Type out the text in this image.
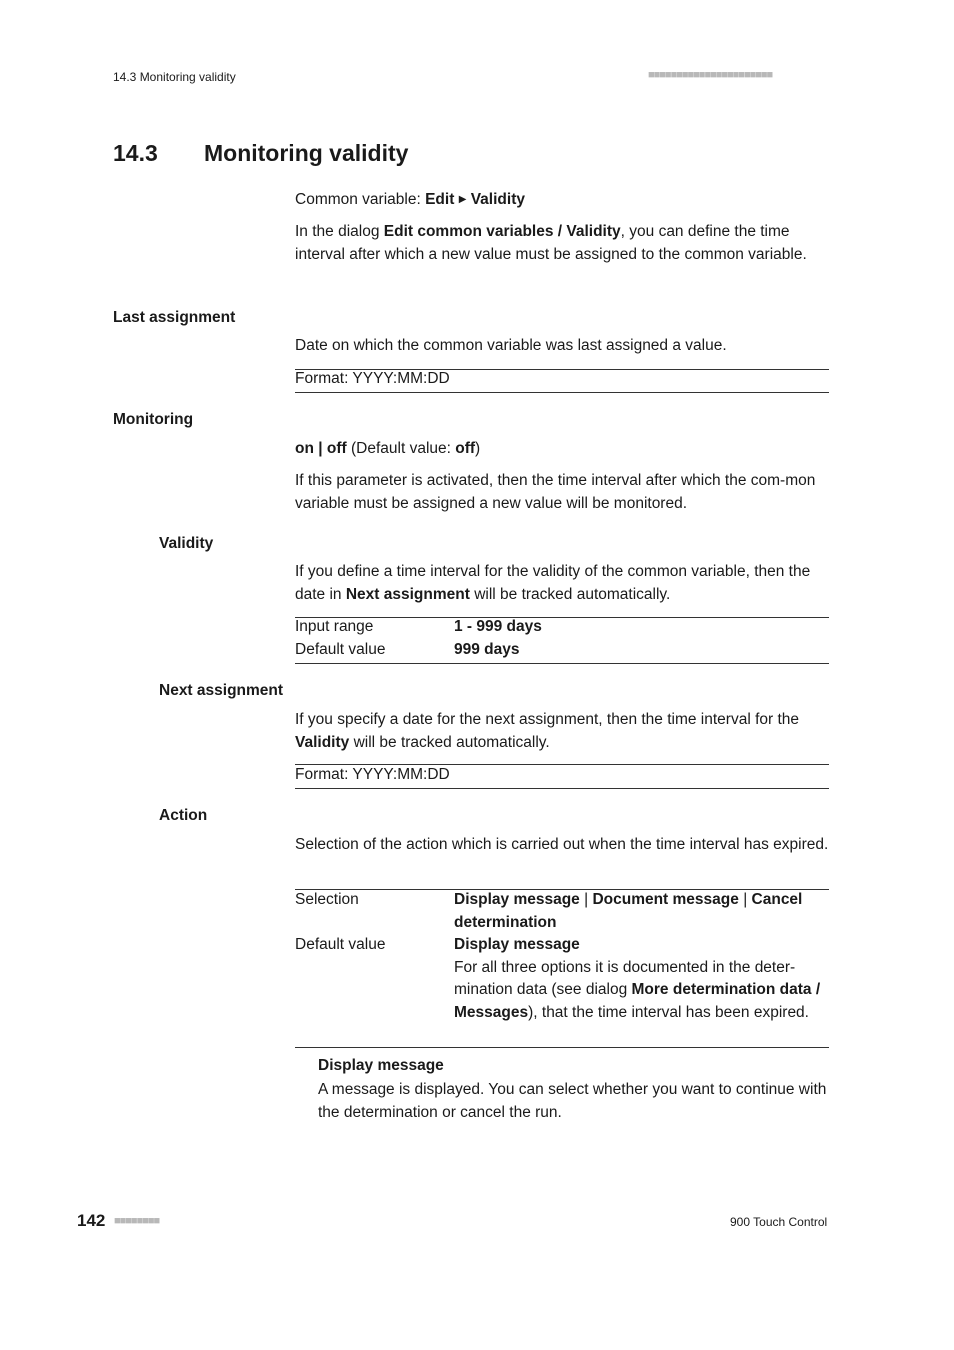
14.3 Monitoring validity	■■■■■■■■■■■■■■■■■■■■■■
14.3 Monitoring validity
Common variable: Edit ▶ Validity
In the dialog Edit common variables / Validity, you can define the time interval after which a new value must be assigned to the common variable.
Last assignment
Date on which the common variable was last assigned a value.
Format: YYYY:MM:DD
Monitoring
on | off (Default value: off)
If this parameter is activated, then the time interval after which the com-mon variable must be assigned a new value will be monitored.
Validity
If you define a time interval for the validity of the common variable, then the date in Next assignment will be tracked automatically.
Input range	1 - 999 days
Default value	999 days
Next assignment
If you specify a date for the next assignment, then the time interval for the Validity will be tracked automatically.
Format: YYYY:MM:DD
Action
Selection of the action which is carried out when the time interval has expired.
Selection	Display message | Document message | Cancel determination
Default value	Display message
For all three options it is documented in the deter-mination data (see dialog More determination data / Messages), that the time interval has been expired.
Display message
A message is displayed. You can select whether you want to continue with the determination or cancel the run.
142 ■■■■■■■■	900 Touch Control
